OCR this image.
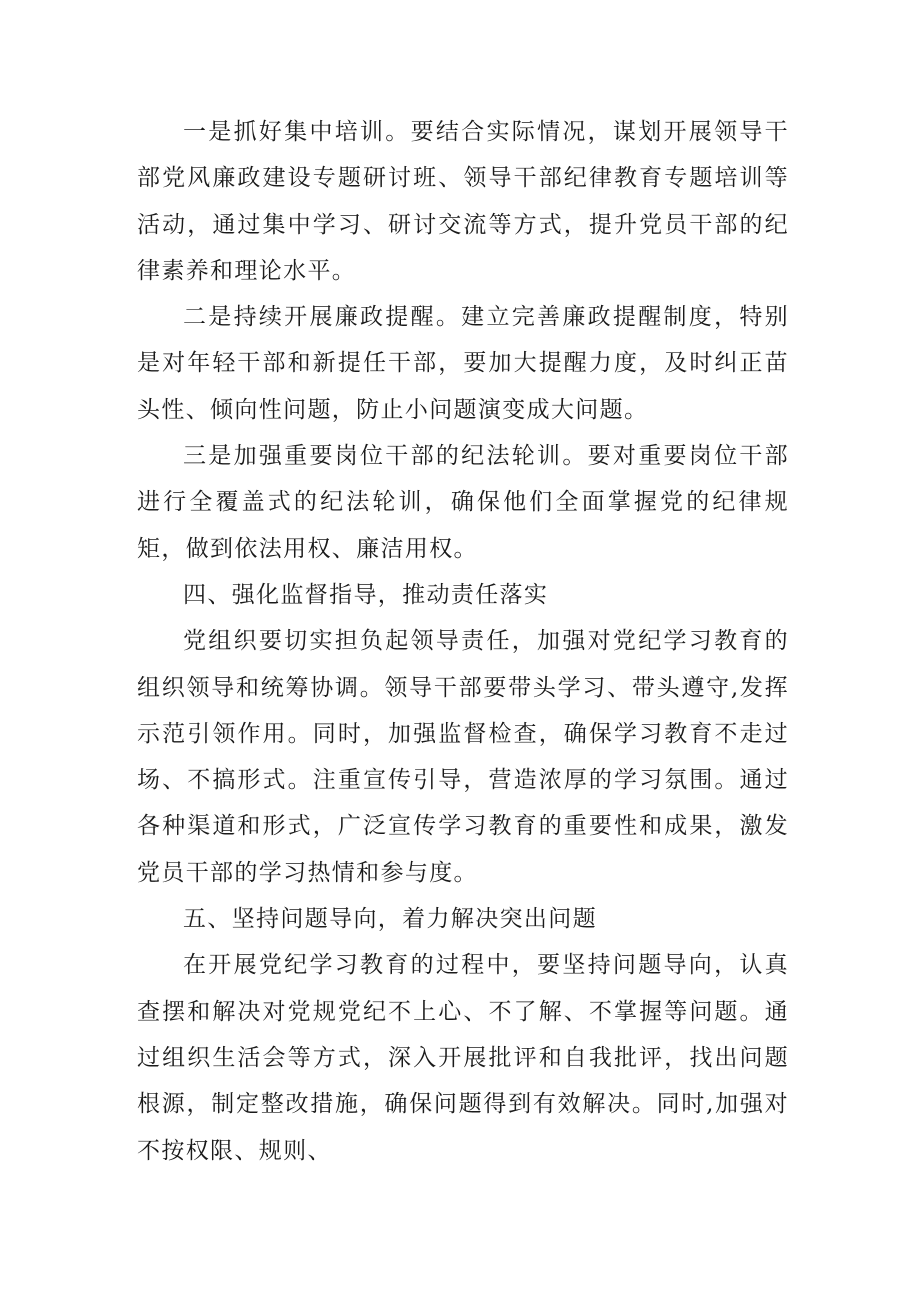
一是抓好集中培训。要结合实际情况，谋划开展领导干部党风廉政建设专题研讨班、领导干部纪律教育专题培训等活动，通过集中学习、研讨交流等方式，提升党员干部的纪律素养和理论水平。

二是持续开展廉政提醒。建立完善廉政提醒制度，特别是对年轻干部和新提任干部，要加大提醒力度，及时纠正苗头性、倾向性问题，防止小问题演变成大问题。

三是加强重要岗位干部的纪法轮训。要对重要岗位干部进行全覆盖式的纪法轮训，确保他们全面掌握党的纪律规矩，做到依法用权、廉洁用权。

四、强化监督指导，推动责任落实

党组织要切实担负起领导责任，加强对党纪学习教育的组织领导和统筹协调。领导干部要带头学习、带头遵守,发挥示范引领作用。同时，加强监督检查，确保学习教育不走过场、不搞形式。注重宣传引导，营造浓厚的学习氛围。通过各种渠道和形式，广泛宣传学习教育的重要性和成果，激发党员干部的学习热情和参与度。

五、坚持问题导向，着力解决突出问题

在开展党纪学习教育的过程中，要坚持问题导向，认真查摆和解决对党规党纪不上心、不了解、不掌握等问题。通过组织生活会等方式，深入开展批评和自我批评，找出问题根源，制定整改措施，确保问题得到有效解决。同时,加强对不按权限、规则、
